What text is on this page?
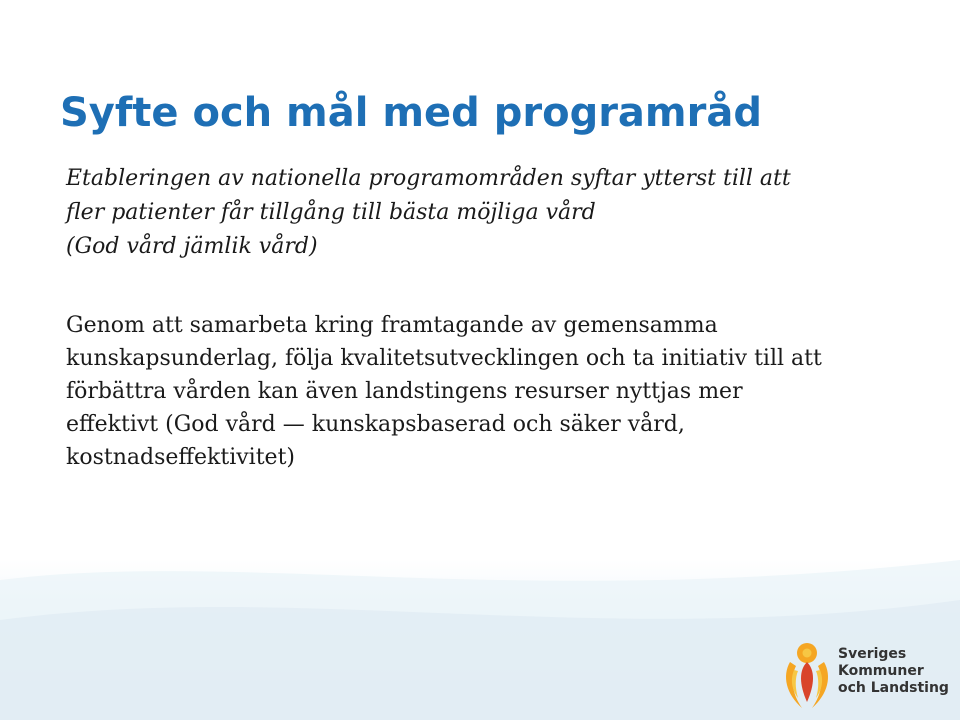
Syfte och mål med programråd

Etableringen av nationella programområden syftar ytterst till att
fler patienter får tillgång till bästa möjliga vård
(God vård jämlik vård)

Genom att samarbeta kring framtagande av gemensamma
kunskapsunderlag, följa kvalitetsutvecklingen och ta initiativ till att
förbättra vården kan även landstingens resurser nyttjas mer
effektivt (God vård — kunskapsbaserad och säker vård,
kostnadseffektivitet)

Sveriges
Kommuner
och Landsting
